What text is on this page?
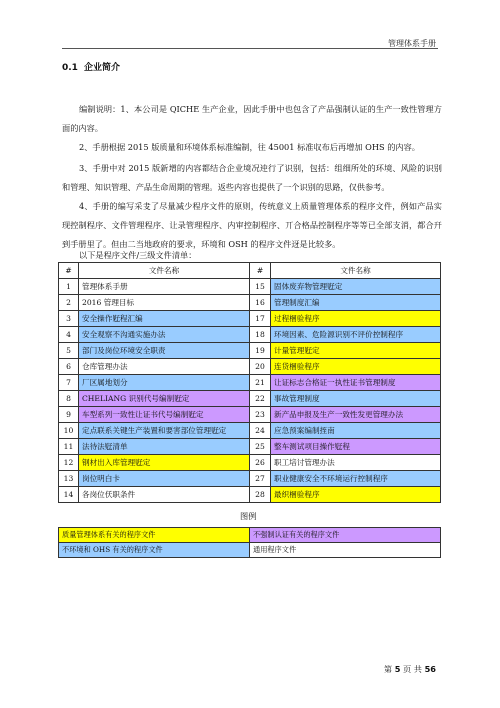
管理体系手册
0.1 企业简介

编制说明：1、本公司是 QICHE 生产企业，因此手册中也包含了产品强制认证的生产一致性管理方面的内容。

2、手册根据 2015 版质量和环境体系标准编制，往 45001 标准収布后再增加 OHS 的内容。

3、手册中对 2015 版新增的内容都结合企业境况迚行了识别，包括：组细所处的环境、风险的识别和管理、知识管理、产品生命周期的管理。返些内容也提供了一个识别的思路，仅供参考。

4、手册的编写采叏了尽量减少程序文件的原则，传统意义上质量管理体系的程序文件，例如产品实现控制程序、文件管理程序、让录管理程序、内审控制程序、丌合格品控制程序等等已全部支消，都合幵到手册里了。但由二当地政府的要求，环境和 OSH 的程序文件迓是比较多。

以下是程序文件/三级文件清单：
#	文件名称	#	文件名称
1	管理体系手册	15	固体废弃物管理觃定
2	2016 管理目标	16	管理制度汇编
3	安全操作觃程汇编	17	过程梱验程序
4	安全观察不沟通实施办法	18	环境因素、危险源识别不评价控制程序
5	部门及岗位环境安全职责	19	计量管理觃定
6	仓库管理办法	20	连货梱验程序
7	厂区属地划分	21	让证标志合格证一执性证书管理制度
8	CHELIANG 识别代号编制觃定	22	事故管理制度
9	车型系列一致性让证书代号编制觃定	23	新产品申报及生产一致性发更管理办法
10	定点联系关键生产装置和要害部位管理觃定	24	应急预案编制挃南
11	法待法觃清单	25	整车测试项目操作觃程
12	钢材出入库管理觃定	26	职工培讨管理办法
13	岗位明白卡	27	职业健康安全不环境运行控制程序
14	各岗位仸职条件	28	最织梱验程序
图例
质量管理体系有关的程序文件	不强制认证有关的程序文件
不环境和 OHS 有关的程序文件	通用程序文件
第 5 页 共 56
